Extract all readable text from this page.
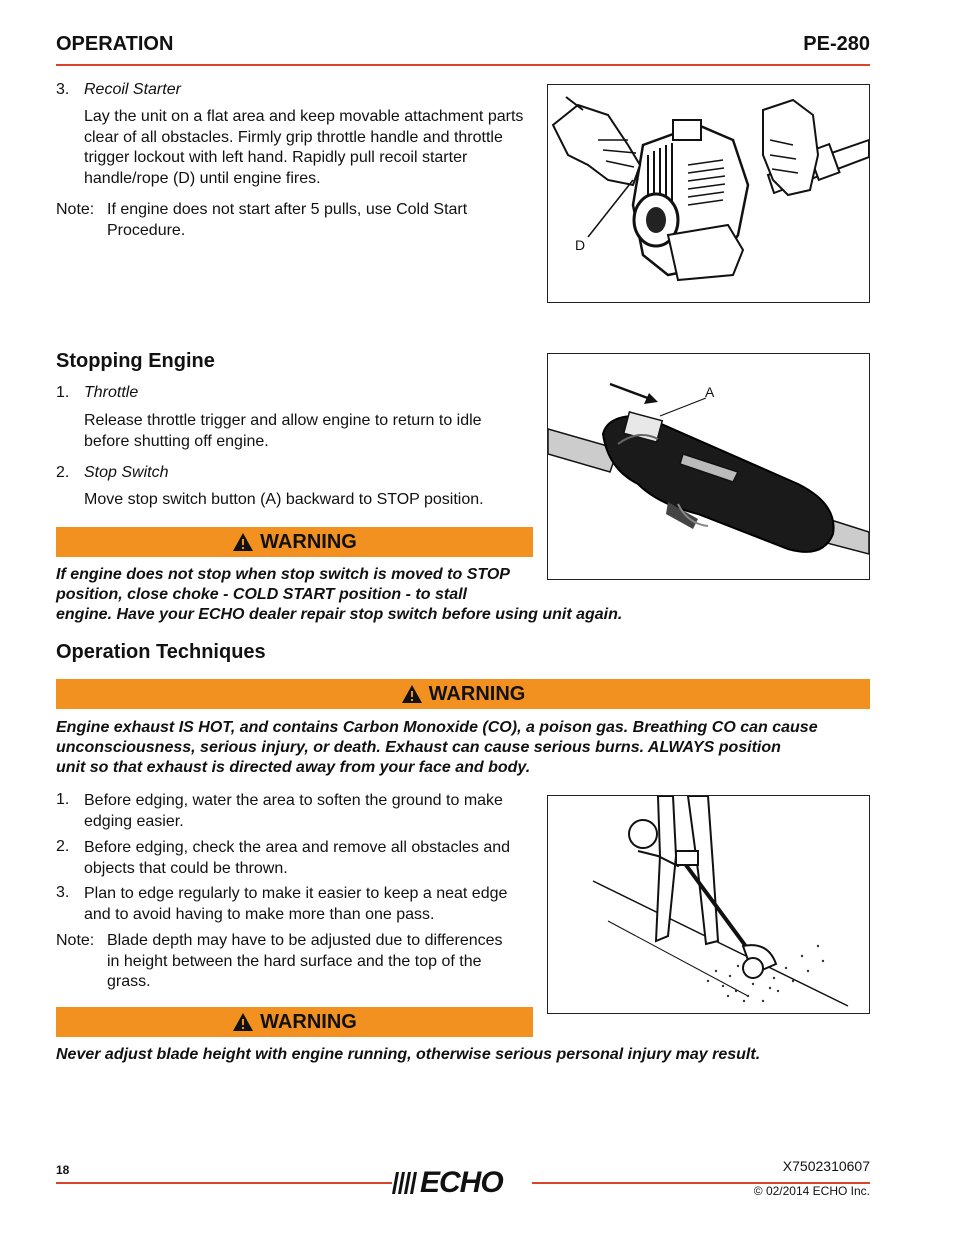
OPERATION	PE-280
3. Recoil Starter
Lay the unit on a flat area and keep movable attachment parts
clear of all obstacles. Firmly grip throttle handle and throttle
trigger lockout with left hand. Rapidly pull recoil starter
handle/rope (D) until engine fires.
Note: If engine does not start after 5 pulls, use Cold Start
Procedure.
D
Stopping Engine
1. Throttle
Release throttle trigger and allow engine to return to idle
before shutting off engine.
2. Stop Switch
Move stop switch button (A) backward to STOP position.
A
WARNING
If engine does not stop when stop switch is moved to STOP
position, close choke - COLD START position - to stall
engine. Have your ECHO dealer repair stop switch before using unit again.
Operation Techniques
WARNING
Engine exhaust IS HOT, and contains Carbon Monoxide (CO), a poison gas. Breathing CO can cause
unconsciousness, serious injury, or death. Exhaust can cause serious burns. ALWAYS position
unit so that exhaust is directed away from your face and body.
1. Before edging, water the area to soften the ground to make
edging easier.
2. Before edging, check the area and remove all obstacles and
objects that could be thrown.
3. Plan to edge regularly to make it easier to keep a neat edge
and to avoid having to make more than one pass.
Note: Blade depth may have to be adjusted due to differences
in height between the hard surface and the top of the
grass.
WARNING
Never adjust blade height with engine running, otherwise serious personal injury may result.
18	ECHO	X7502310607
© 02/2014 ECHO Inc.
